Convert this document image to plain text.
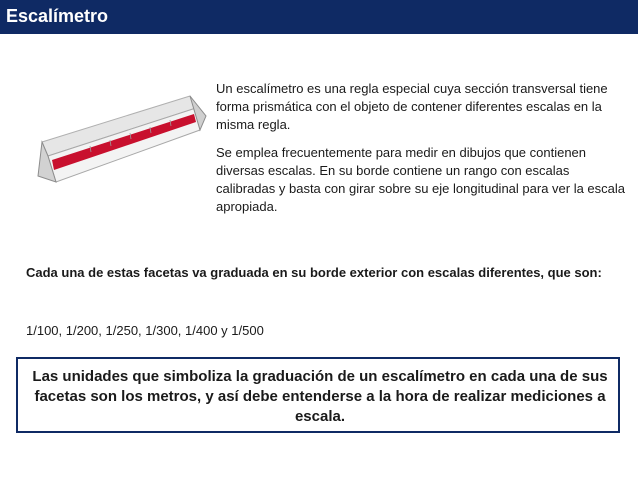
Escalímetro

Un escalímetro es una regla especial cuya sección transversal tiene forma prismática con el objeto de contener diferentes escalas en la misma regla.

Se emplea frecuentemente para medir en dibujos que contienen diversas escalas. En su borde contiene un rango con escalas calibradas y basta con girar sobre su eje longitudinal para ver la escala apropiada.

Cada una de estas facetas va graduada en su borde exterior con escalas diferentes, que son:
1/100, 1/200, 1/250, 1/300, 1/400 y 1/500
Las unidades que simboliza la graduación de un escalímetro en cada una de sus facetas son los metros, y así debe entenderse a la hora de realizar mediciones a escala.
